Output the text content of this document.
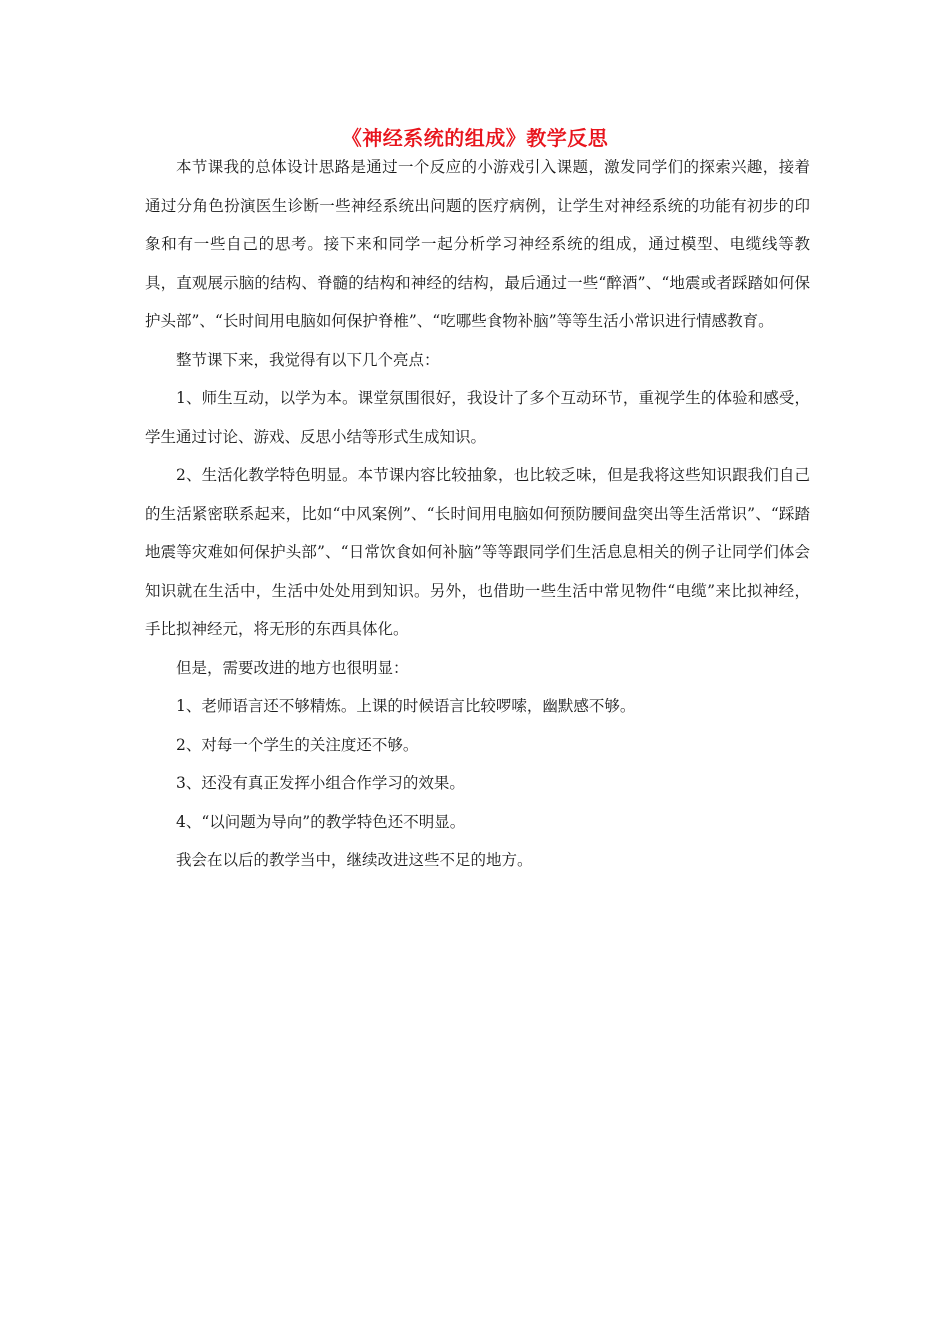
《神经系统的组成》教学反思

本节课我的总体设计思路是通过一个反应的小游戏引入课题，激发同学们的探索兴趣，接着通过分角色扮演医生诊断一些神经系统出问题的医疗病例，让学生对神经系统的功能有初步的印象和有一些自己的思考。接下来和同学一起分析学习神经系统的组成，通过模型、电缆线等教具，直观展示脑的结构、脊髓的结构和神经的结构，最后通过一些“醉酒”、“地震或者踩踏如何保护头部”、“长时间用电脑如何保护脊椎”、“吃哪些食物补脑”等等生活小常识进行情感教育。

整节课下来，我觉得有以下几个亮点：

1、师生互动，以学为本。课堂氛围很好，我设计了多个互动环节，重视学生的体验和感受，学生通过讨论、游戏、反思小结等形式生成知识。

2、生活化教学特色明显。本节课内容比较抽象，也比较乏味，但是我将这些知识跟我们自己的生活紧密联系起来，比如“中风案例”、“长时间用电脑如何预防腰间盘突出等生活常识”、“踩踏地震等灾难如何保护头部”、“日常饮食如何补脑”等等跟同学们生活息息相关的例子让同学们体会知识就在生活中，生活中处处用到知识。另外，也借助一些生活中常见物件“电缆”来比拟神经，手比拟神经元，将无形的东西具体化。

但是，需要改进的地方也很明显：

1、老师语言还不够精炼。上课的时候语言比较啰嗦，幽默感不够。

2、对每一个学生的关注度还不够。

3、还没有真正发挥小组合作学习的效果。

4、“以问题为导向”的教学特色还不明显。

我会在以后的教学当中，继续改进这些不足的地方。
